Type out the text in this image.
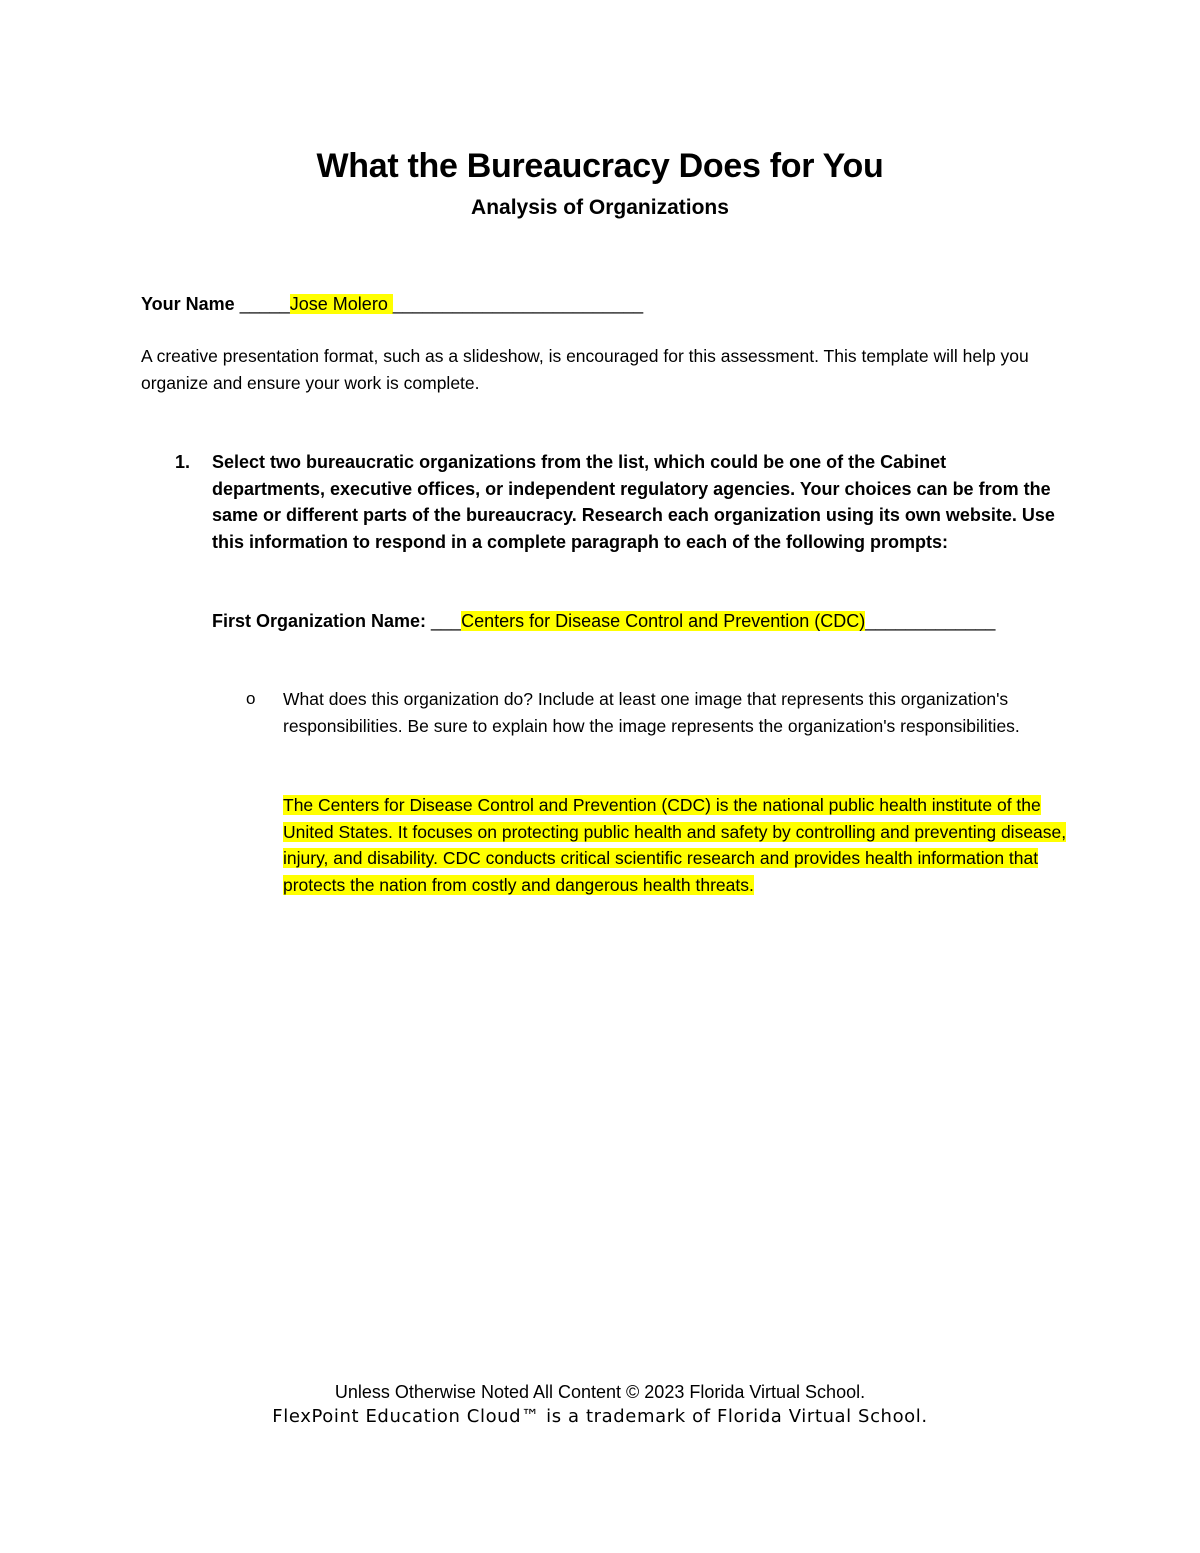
What the Bureaucracy Does for You
Analysis of Organizations
Your Name _____Jose Molero _________________________
A creative presentation format, such as a slideshow, is encouraged for this assessment. This template will help you organize and ensure your work is complete.
1. Select two bureaucratic organizations from the list, which could be one of the Cabinet departments, executive offices, or independent regulatory agencies. Your choices can be from the same or different parts of the bureaucracy. Research each organization using its own website. Use this information to respond in a complete paragraph to each of the following prompts:
First Organization Name: ___Centers for Disease Control and Prevention (CDC)_____________
o What does this organization do? Include at least one image that represents this organization's responsibilities. Be sure to explain how the image represents the organization's responsibilities.
The Centers for Disease Control and Prevention (CDC) is the national public health institute of the United States. It focuses on protecting public health and safety by controlling and preventing disease, injury, and disability. CDC conducts critical scientific research and provides health information that protects the nation from costly and dangerous health threats.
Unless Otherwise Noted All Content © 2023 Florida Virtual School.
FlexPoint Education Cloud™ is a trademark of Florida Virtual School.
